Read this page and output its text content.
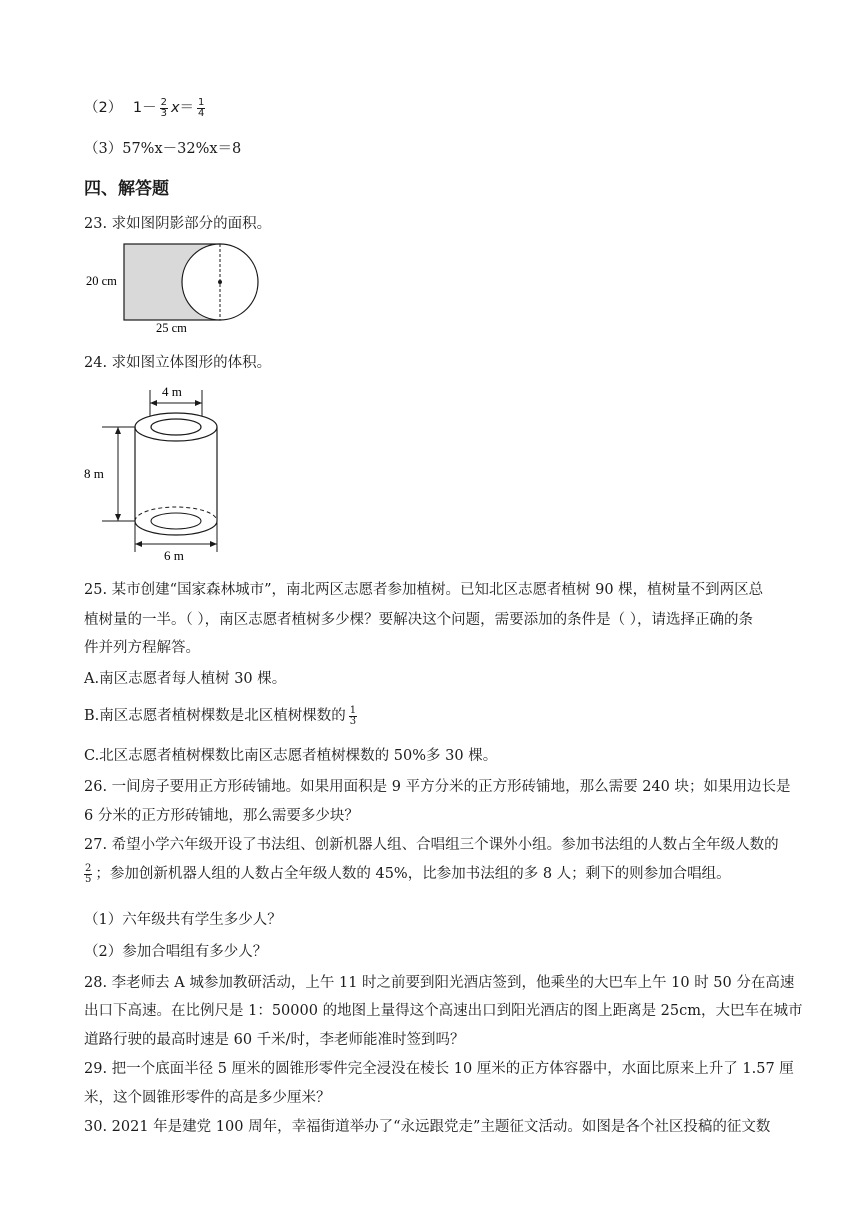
（2） $1- \frac{2}{3} x= \frac{1}{4}$
（3）57%x－32%x＝8
四、解答题
23. 求如图阴影部分的面积。
20 cm
25 cm
24. 求如图立体图形的体积。
4 m
8 m
6 m
25. 某市创建“国家森林城市”，南北两区志愿者参加植树。已知北区志愿者植树 90 棵，植树量不到两区总
植树量的一半。（ ），南区志愿者植树多少棵？要解决这个问题，需要添加的条件是（ ），请选择正确的条
件并列方程解答。
A.南区志愿者每人植树 30 棵。
B.南区志愿者植树棵数是北区植树棵数的 $\frac{1}{3}$
C.北区志愿者植树棵数比南区志愿者植树棵数的 50%多 30 棵。
26. 一间房子要用正方形砖铺地。如果用面积是 9 平方分米的正方形砖铺地，那么需要 240 块；如果用边长是
6 分米的正方形砖铺地，那么需要多少块？
27. 希望小学六年级开设了书法组、创新机器人组、合唱组三个课外小组。参加书法组的人数占全年级人数的
$\frac{2}{5}$ ；参加创新机器人组的人数占全年级人数的 45%，比参加书法组的多 8 人；剩下的则参加合唱组。
（1）六年级共有学生多少人？
（2）参加合唱组有多少人？
28. 李老师去 A 城参加教研活动，上午 11 时之前要到阳光酒店签到，他乘坐的大巴车上午 10 时 50 分在高速
出口下高速。在比例尺是 1：50000 的地图上量得这个高速出口到阳光酒店的图上距离是 25cm，大巴车在城市
道路行驶的最高时速是 60 千米/时，李老师能准时签到吗？
29. 把一个底面半径 5 厘米的圆锥形零件完全浸没在棱长 10 厘米的正方体容器中，水面比原来上升了 1.57 厘
米，这个圆锥形零件的高是多少厘米？
30. 2021 年是建党 100 周年，幸福街道举办了“永远跟党走”主题征文活动。如图是各个社区投稿的征文数
